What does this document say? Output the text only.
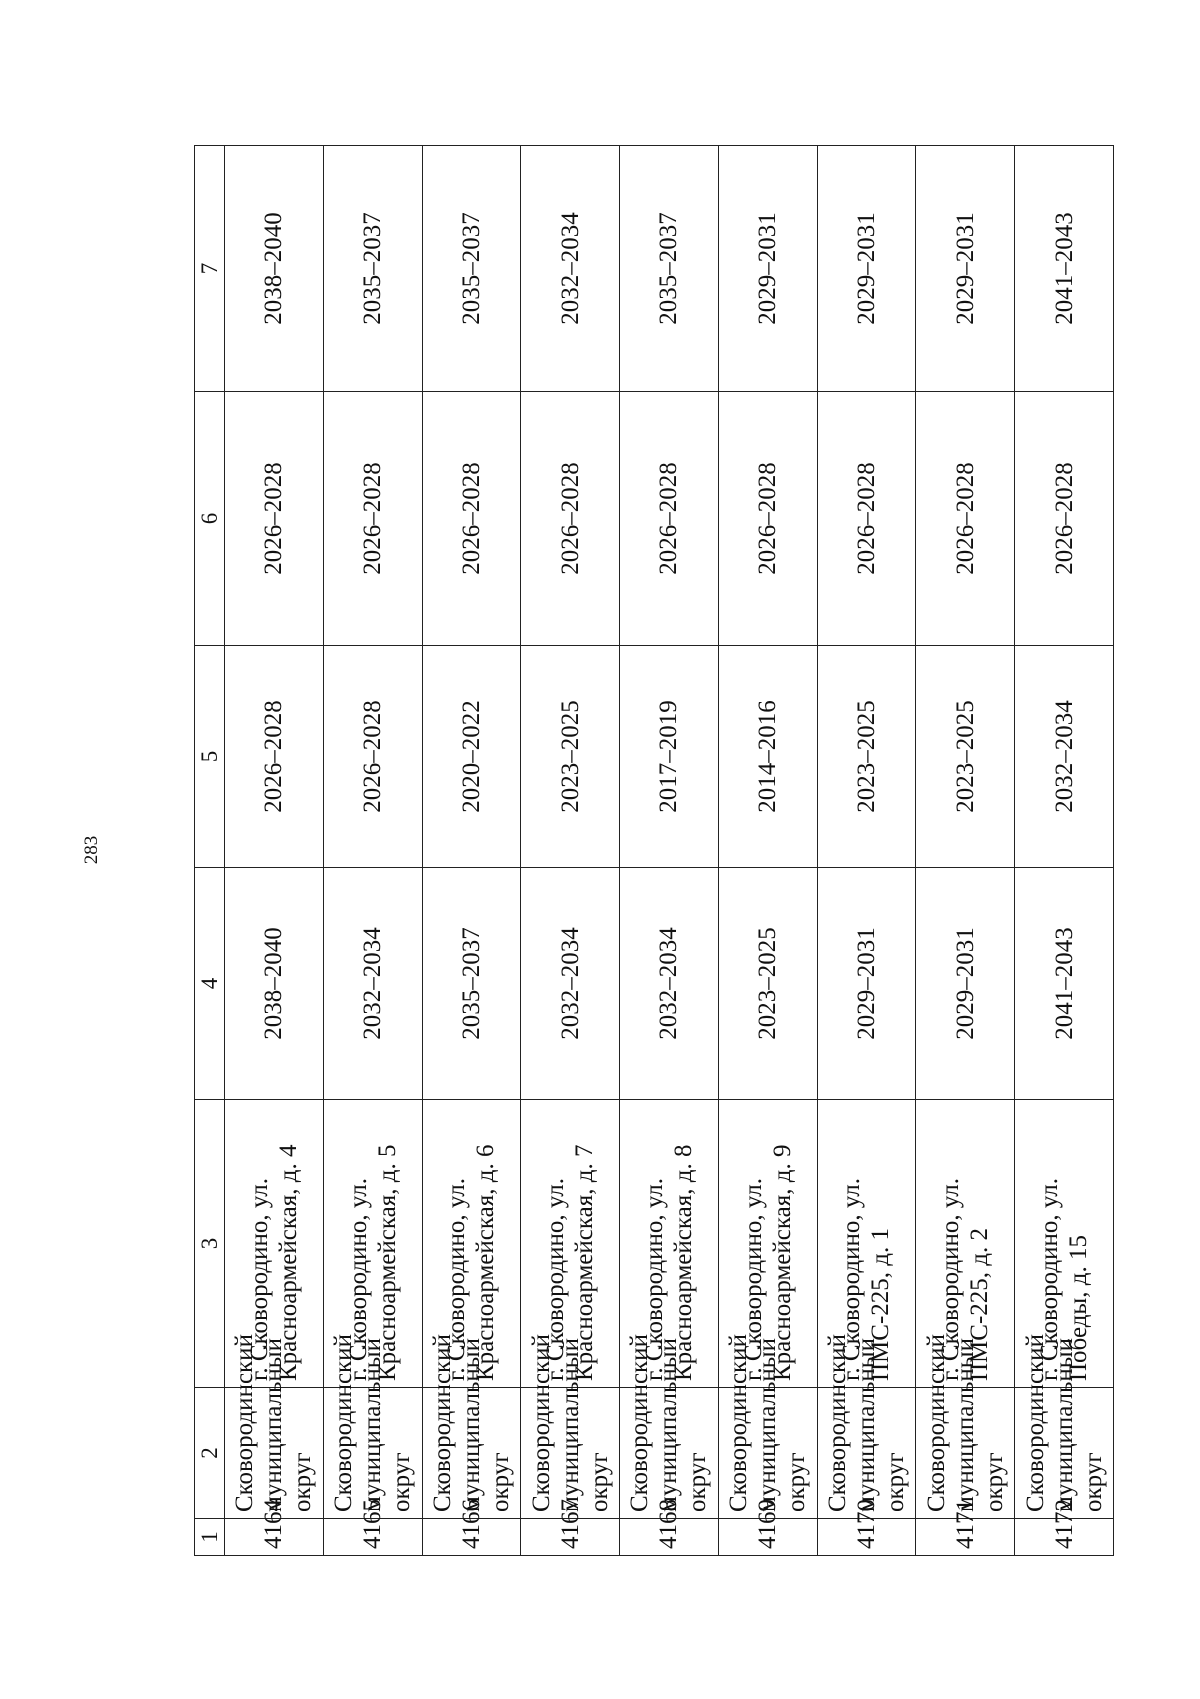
283
1	2	3	4	5	6	7
4164	Сковородинский муниципальный округ	г. Сковородино, ул. Красноармейская, д. 4	2038–2040	2026–2028	2026–2028	2038–2040
4165	Сковородинский муниципальный округ	г. Сковородино, ул. Красноармейская, д. 5	2032–2034	2026–2028	2026–2028	2035–2037
4166	Сковородинский муниципальный округ	г. Сковородино, ул. Красноармейская, д. 6	2035–2037	2020–2022	2026–2028	2035–2037
4167	Сковородинский муниципальный округ	г. Сковородино, ул. Красноармейская, д. 7	2032–2034	2023–2025	2026–2028	2032–2034
4168	Сковородинский муниципальный округ	г. Сковородино, ул. Красноармейская, д. 8	2032–2034	2017–2019	2026–2028	2035–2037
4169	Сковородинский муниципальный округ	г. Сковородино, ул. Красноармейская, д. 9	2023–2025	2014–2016	2026–2028	2029–2031
4170	Сковородинский муниципальный округ	г. Сковородино, ул. ПМС-225, д. 1	2029–2031	2023–2025	2026–2028	2029–2031
4171	Сковородинский муниципальный округ	г. Сковородино, ул. ПМС-225, д. 2	2029–2031	2023–2025	2026–2028	2029–2031
4172	Сковородинский муниципальный округ	г. Сковородино, ул. Победы, д. 15	2041–2043	2032–2034	2026–2028	2041–2043
